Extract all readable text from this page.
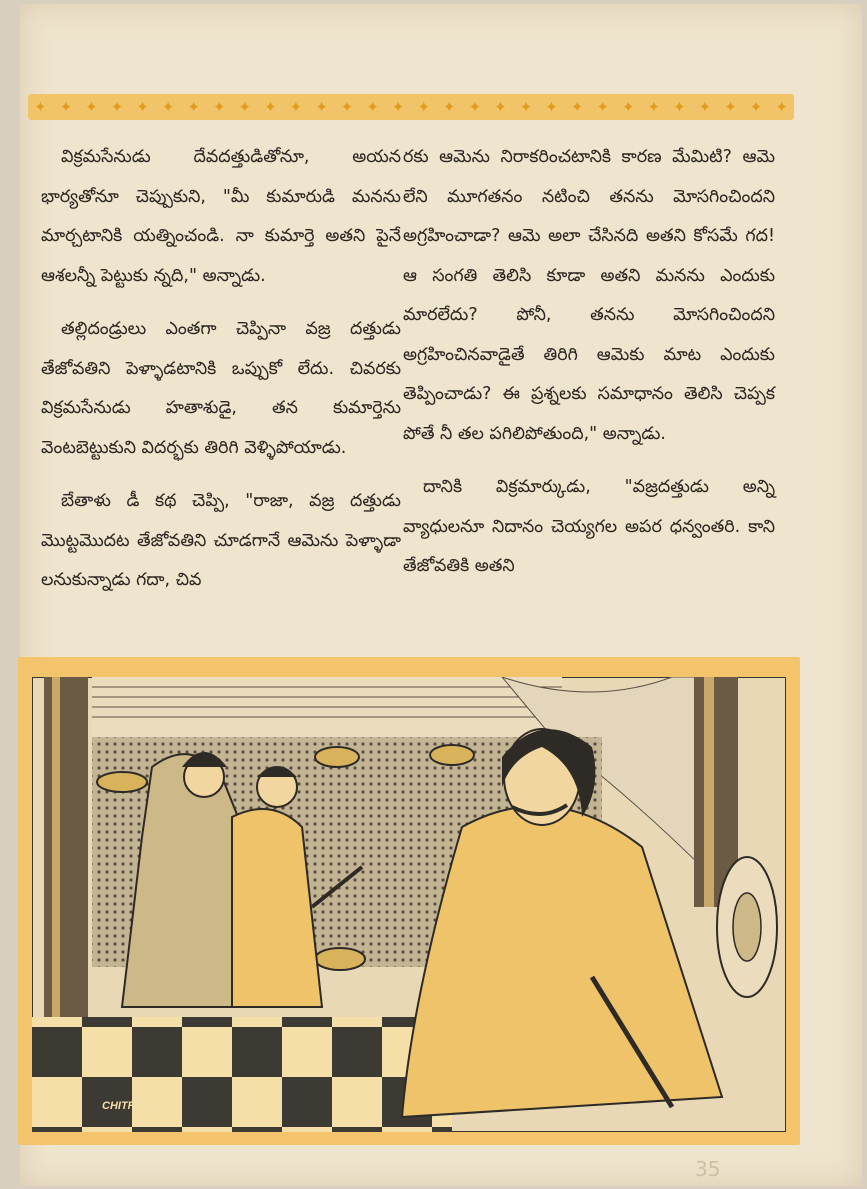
✦ ✦ ✦ ✦ ✦ ✦ ✦ ✦ ✦ ✦ ✦ ✦ ✦ ✦ ✦ ✦ ✦ ✦ ✦ ✦ ✦ ✦ ✦ ✦ ✦ ✦ ✦ ✦ ✦ ✦

విక్రమసేనుడు దేవదత్తుడితోనూ, అయన భార్యతోనూ చెప్పుకుని, "మీ కుమారుడి మనను మార్చటానికి యత్నించండి. నా కుమార్తె అతని పైనే ఆశలన్నీ పెట్టుకు న్నది," అన్నాడు.

తల్లిదండ్రులు ఎంతగా చెప్పినా వజ్ర దత్తుడు తేజోవతిని పెళ్ళాడటానికి ఒప్పుకో లేదు. చివరకు విక్రమసేనుడు హతాశుడై, తన కుమార్తెను వెంటబెట్టుకుని విదర్భకు తిరిగి వెళ్ళిపోయాడు.

బేతాళు డీ కథ చెప్పి, "రాజా, వజ్ర దత్తుడు మొట్టమొదట తేజోవతిని చూడగానే ఆమెను పెళ్ళాడా లనుకున్నాడు గదా, చివ

రకు ఆమెను నిరాకరించటానికి కారణ మేమిటి? ఆమె లేని మూగతనం నటించి తనను మోసగించిందని అగ్రహించాడా? ఆమె అలా చేసినది అతని కోసమే గద! ఆ సంగతి తెలిసి కూడా అతని మనను ఎందుకు మారలేదు? పోనీ, తనను మోసగించిందని అగ్రహించినవాడైతే తిరిగి ఆమెకు మాట ఎందుకు తెప్పించాడు? ఈ ప్రశ్నలకు సమాధానం తెలిసి చెప్పక పోతే నీ తల పగిలిపోతుంది," అన్నాడు.

దానికి విక్రమార్కుడు, "వజ్రదత్తుడు అన్ని వ్యాధులనూ నిదానం చెయ్యగల అపర ధన్వంతరి. కాని తేజోవతికి అతని

CHITRA
35
